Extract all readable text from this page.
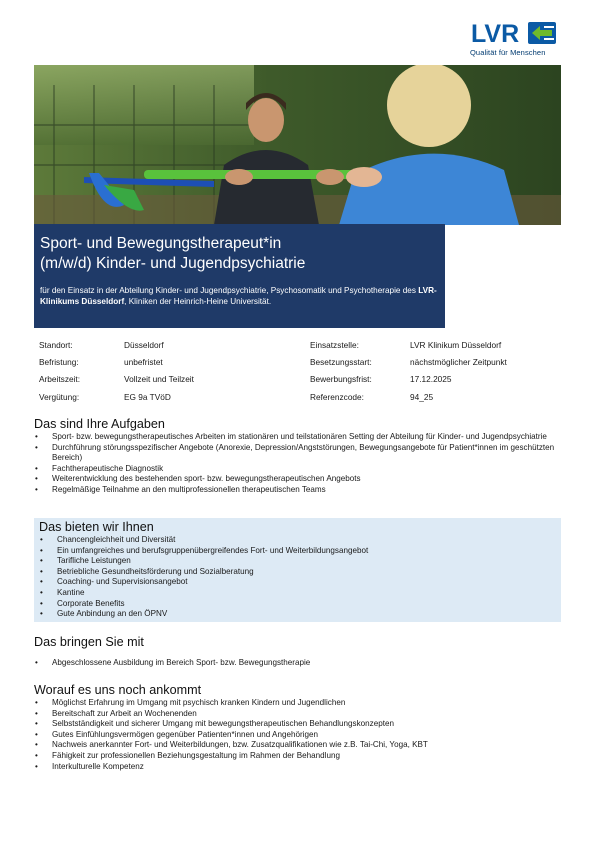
LVR
Qualität für Menschen
Sport- und Bewegungstherapeut*in
(m/w/d) Kinder- und Jugendpsychiatrie

für den Einsatz in der Abteilung Kinder- und Jugendpsychiatrie, Psychosomatik und Psychotherapie des LVR-Klinikums Düsseldorf, Kliniken der Heinrich-Heine Universität.

Standort:	Düsseldorf	Einsatzstelle:	LVR Klinikum Düsseldorf
Befristung:	unbefristet	Besetzungsstart:	nächstmöglicher Zeitpunkt
Arbeitszeit:	Vollzeit und Teilzeit	Bewerbungsfrist:	17.12.2025
Vergütung:	EG 9a TVöD	Referenzcode:	94_25
Das sind Ihre Aufgaben
• Sport- bzw. bewegungstherapeutisches Arbeiten im stationären und teilstationären Setting der Abteilung für Kinder- und Jugendpsychiatrie
• Durchführung störungsspezifischer Angebote (Anorexie, Depression/Angststörungen, Bewegungsangebote für Patient*innen im geschützten Bereich)
• Fachtherapeutische Diagnostik
• Weiterentwicklung des bestehenden sport- bzw. bewegungstherapeutischen Angebots
• Regelmäßige Teilnahme an den multiprofessionellen therapeutischen Teams
Das bieten wir Ihnen
• Chancengleichheit und Diversität
• Ein umfangreiches und berufsgruppenübergreifendes Fort- und Weiterbildungsangebot
• Tarifliche Leistungen
• Betriebliche Gesundheitsförderung und Sozialberatung
• Coaching- und Supervisionsangebot
• Kantine
• Corporate Benefits
• Gute Anbindung an den ÖPNV
Das bringen Sie mit
• Abgeschlossene Ausbildung im Bereich Sport- bzw. Bewegungstherapie
Worauf es uns noch ankommt
• Möglichst Erfahrung im Umgang mit psychisch kranken Kindern und Jugendlichen
• Bereitschaft zur Arbeit an Wochenenden
• Selbstständigkeit und sicherer Umgang mit bewegungstherapeutischen Behandlungskonzepten
• Gutes Einfühlungsvermögen gegenüber Patienten*innen und Angehörigen
• Nachweis anerkannter Fort- und Weiterbildungen, bzw. Zusatzqualifikationen wie z.B. Tai-Chi, Yoga, KBT
• Fähigkeit zur professionellen Beziehungsgestaltung im Rahmen der Behandlung
• Interkulturelle Kompetenz
